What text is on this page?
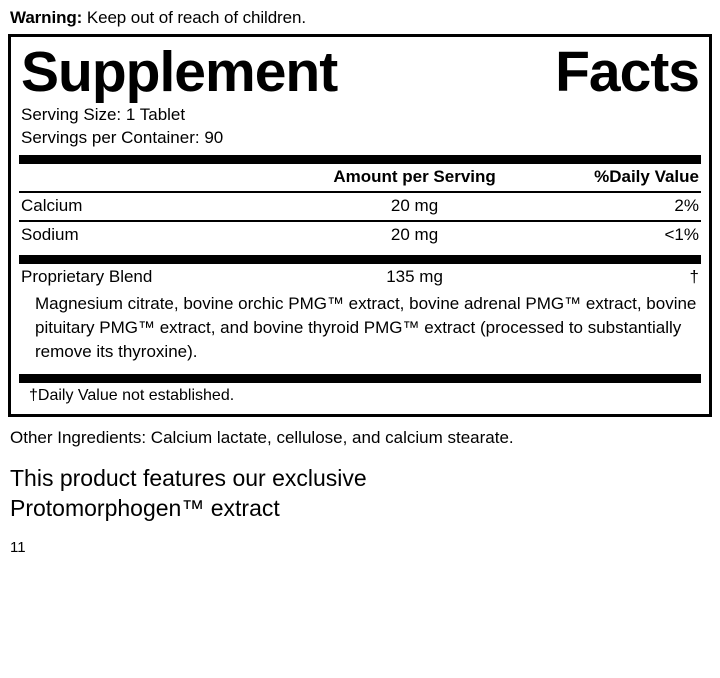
Warning: Keep out of reach of children.
Supplement	Facts
Serving Size: 1 Tablet
Servings per Container: 90
	Amount per Serving	%Daily Value
Calcium	20 mg	2%
Sodium	20 mg	<1%
Proprietary Blend	135 mg	†
Magnesium citrate, bovine orchic PMG™ extract, bovine adrenal PMG™ extract, bovine pituitary PMG™ extract, and bovine thyroid PMG™ extract (processed to substantially remove its thyroxine).
†Daily Value not established.
Other Ingredients: Calcium lactate, cellulose, and calcium stearate.
This product features our exclusive
Protomorphogen™ extract
11
